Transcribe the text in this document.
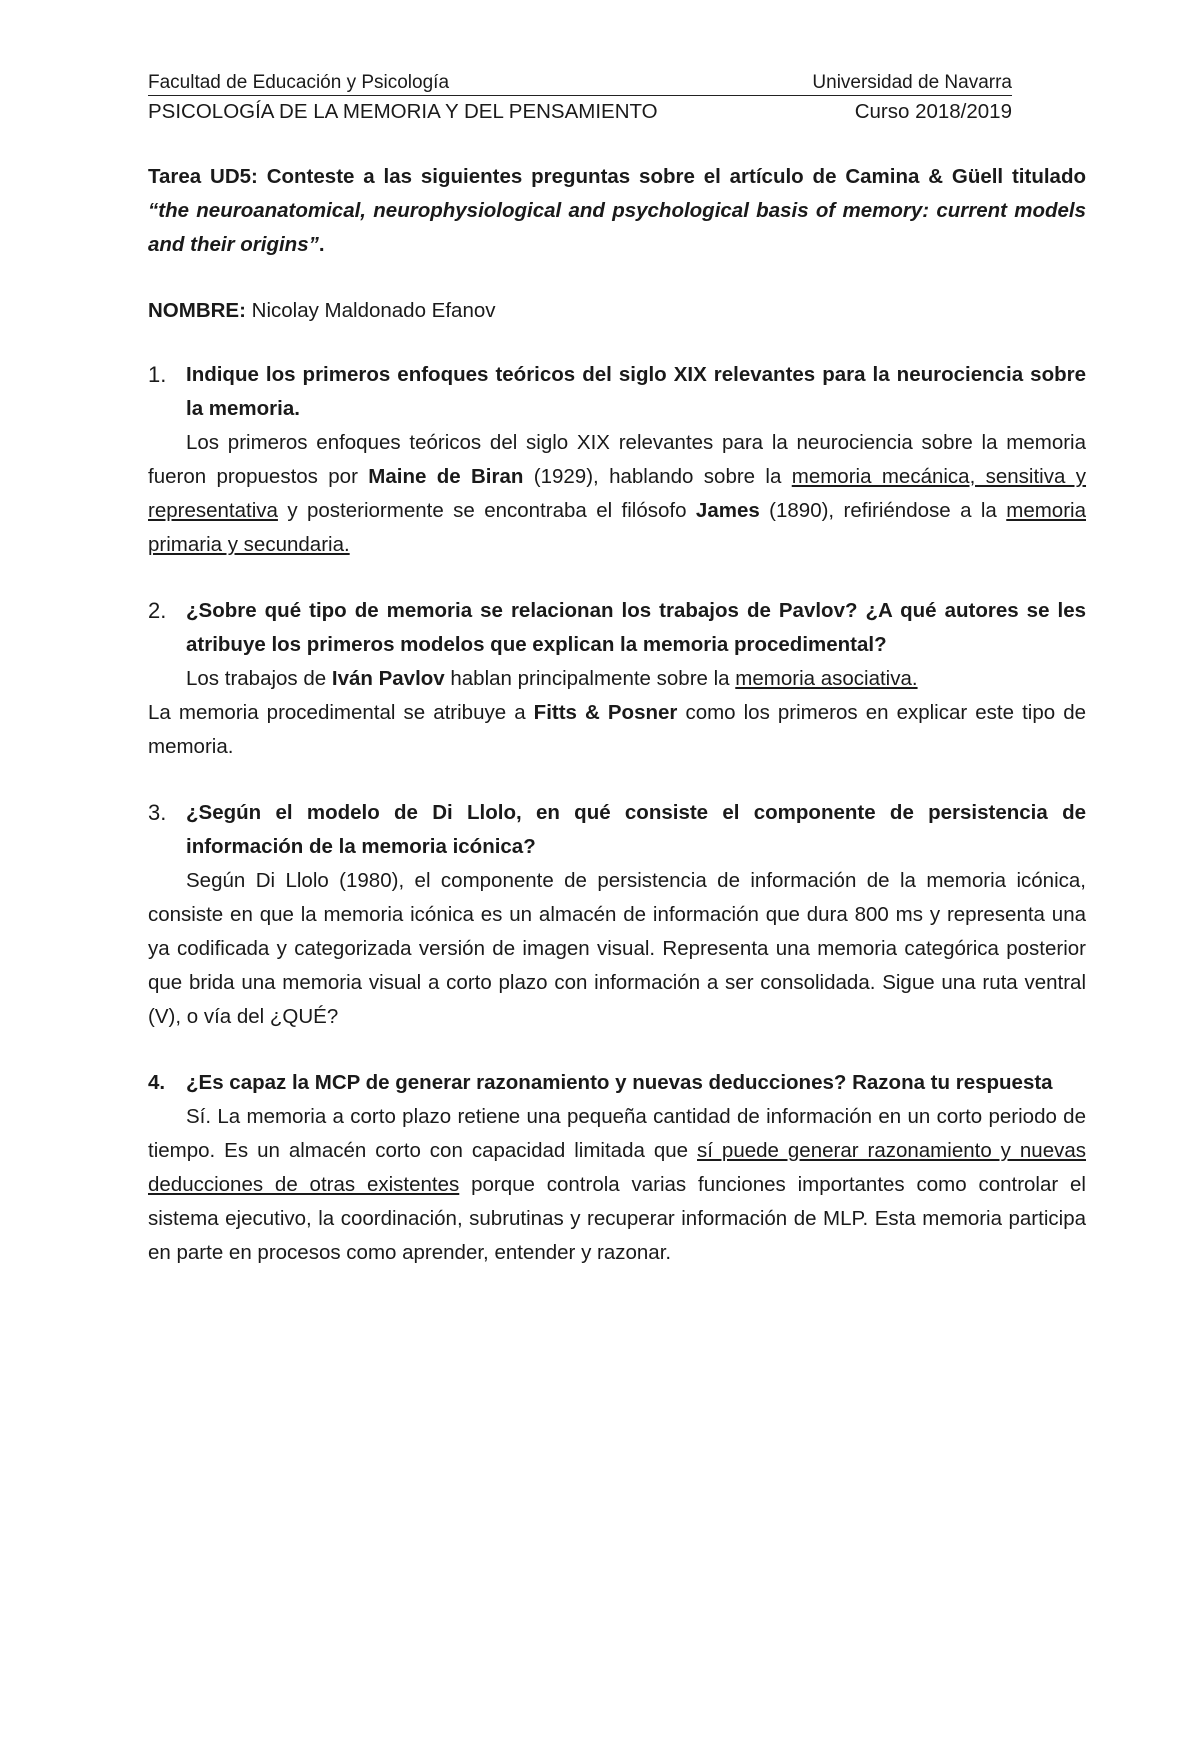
Facultad de Educación y Psicología	Universidad de Navarra
PSICOLOGÍA DE LA MEMORIA Y DEL PENSAMIENTO	Curso 2018/2019
Tarea UD5: Conteste a las siguientes preguntas sobre el artículo de Camina & Güell titulado “the neuroanatomical, neurophysiological and psychological basis of memory: current models and their origins”.
NOMBRE: Nicolay Maldonado Efanov
1. Indique los primeros enfoques teóricos del siglo XIX relevantes para la neurociencia sobre la memoria.
Los primeros enfoques teóricos del siglo XIX relevantes para la neurociencia sobre la memoria fueron propuestos por Maine de Biran (1929), hablando sobre la memoria mecánica, sensitiva y representativa y posteriormente se encontraba el filósofo James (1890), refiriéndose a la memoria primaria y secundaria.
2. ¿Sobre qué tipo de memoria se relacionan los trabajos de Pavlov? ¿A qué autores se les atribuye los primeros modelos que explican la memoria procedimental?
Los trabajos de Iván Pavlov hablan principalmente sobre la memoria asociativa.
La memoria procedimental se atribuye a Fitts & Posner como los primeros en explicar este tipo de memoria.
3. ¿Según el modelo de Di Llolo, en qué consiste el componente de persistencia de información de la memoria icónica?
Según Di Llolo (1980), el componente de persistencia de información de la memoria icónica, consiste en que la memoria icónica es un almacén de información que dura 800 ms y representa una ya codificada y categorizada versión de imagen visual. Representa una memoria categórica posterior que brida una memoria visual a corto plazo con información a ser consolidada. Sigue una ruta ventral (V), o vía del ¿QUÉ?
4.	¿Es capaz la MCP de generar razonamiento y nuevas deducciones? Razona tu respuesta
Sí. La memoria a corto plazo retiene una pequeña cantidad de información en un corto periodo de tiempo. Es un almacén corto con capacidad limitada que sí puede generar razonamiento y nuevas deducciones de otras existentes porque controla varias funciones importantes como controlar el sistema ejecutivo, la coordinación, subrutinas y recuperar información de MLP. Esta memoria participa en parte en procesos como aprender, entender y razonar.
